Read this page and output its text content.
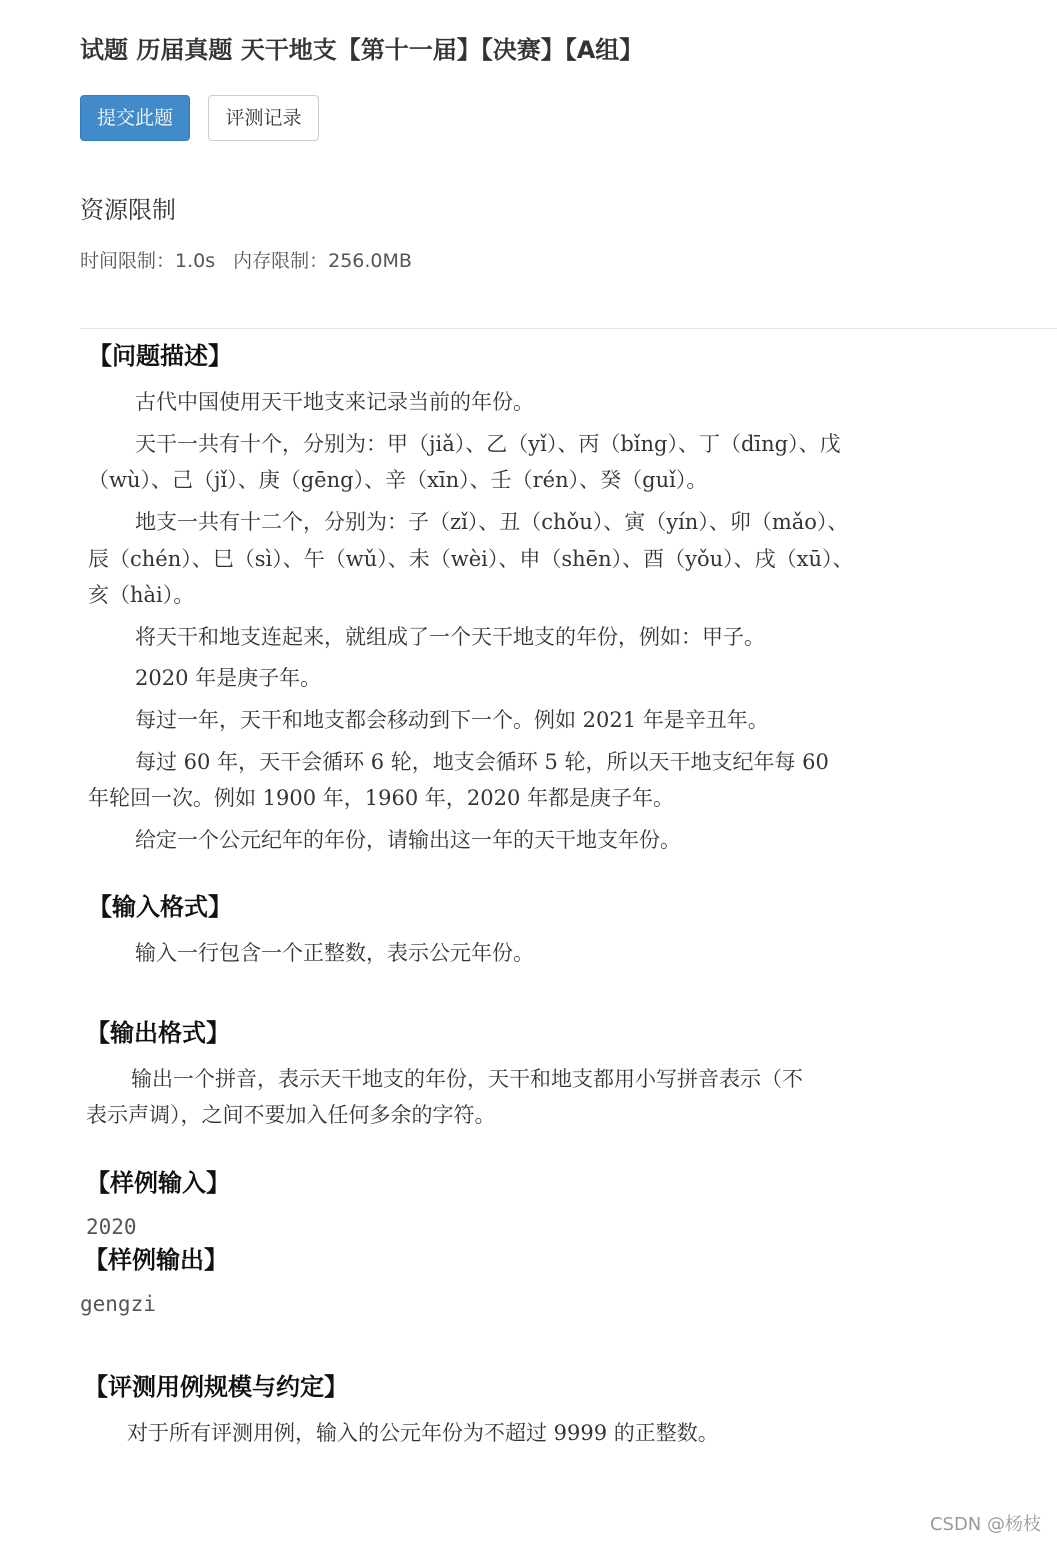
试题 历届真题 天干地支【第十一届】【决赛】【A组】
提交此题	评测记录
资源限制
时间限制：1.0s 内存限制：256.0MB
【问题描述】

古代中国使用天干地支来记录当前的年份。

天干一共有十个，分别为：甲（jiǎ）、乙（yǐ）、丙（bǐng）、丁（dīng）、戊

（wù）、己（jǐ）、庚（gēng）、辛（xīn）、壬（rén）、癸（guǐ）。

地支一共有十二个，分别为：子（zǐ）、丑（chǒu）、寅（yín）、卯（mǎo）、

辰（chén）、巳（sì）、午（wǔ）、未（wèi）、申（shēn）、酉（yǒu）、戌（xū）、

亥（hài）。

将天干和地支连起来，就组成了一个天干地支的年份，例如：甲子。

2020 年是庚子年。

每过一年，天干和地支都会移动到下一个。例如 2021 年是辛丑年。

每过 60 年，天干会循环 6 轮，地支会循环 5 轮，所以天干地支纪年每 60

年轮回一次。例如 1900 年，1960 年，2020 年都是庚子年。

给定一个公元纪年的年份，请输出这一年的天干地支年份。

【输入格式】

输入一行包含一个正整数，表示公元年份。

【输出格式】

输出一个拼音，表示天干地支的年份，天干和地支都用小写拼音表示（不

表示声调），之间不要加入任何多余的字符。

【样例输入】
2020
【样例输出】
gengzi
【评测用例规模与约定】

对于所有评测用例，输入的公元年份为不超过 9999 的正整数。

CSDN @杨枝
